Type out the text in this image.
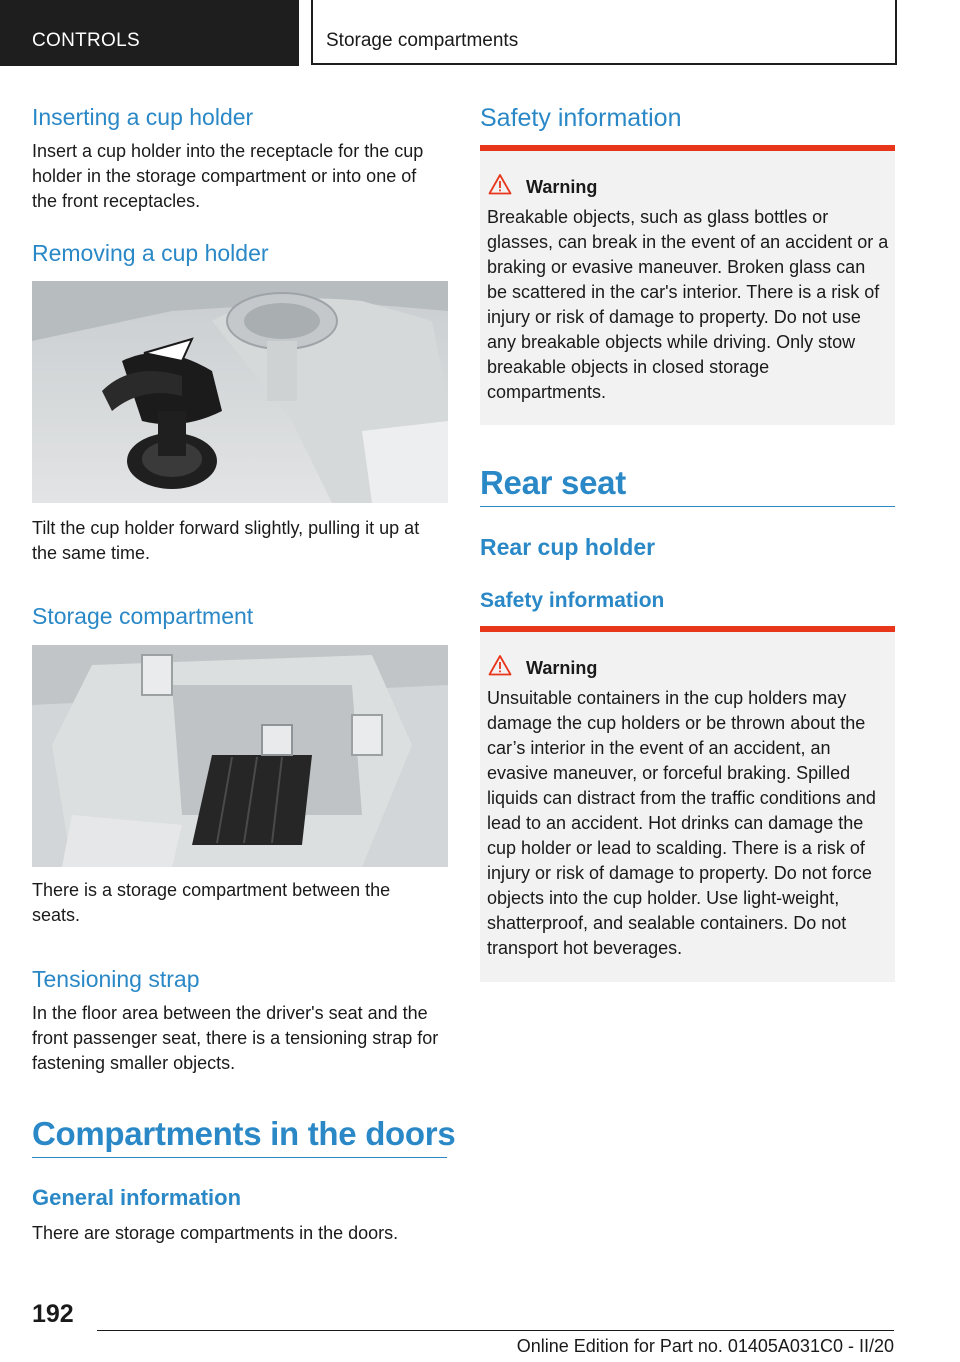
CONTROLS	Storage compartments
Inserting a cup holder

Insert a cup holder into the receptacle for the cup holder in the storage compartment or into one of the front receptacles.

Removing a cup holder

Tilt the cup holder forward slightly, pulling it up at the same time.

Storage compartment

There is a storage compartment between the seats.

Tensioning strap

In the floor area between the driver's seat and the front passenger seat, there is a tensioning strap for fastening smaller objects.

Compartments in the doors
General information

There are storage compartments in the doors.

Safety information
Warning

Breakable objects, such as glass bottles or glasses, can break in the event of an accident or a braking or evasive maneuver. Broken glass can be scattered in the car's interior. There is a risk of injury or risk of damage to property. Do not use any breakable objects while driving. Only stow breakable objects in closed storage compartments.

Rear seat
Rear cup holder
Safety information
Warning

Unsuitable containers in the cup holders may damage the cup holders or be thrown about the car’s interior in the event of an accident, an evasive maneuver, or forceful braking. Spilled liquids can distract from the traffic conditions and lead to an accident. Hot drinks can damage the cup holder or lead to scalding. There is a risk of injury or risk of damage to property. Do not force objects into the cup holder. Use light-weight, shatterproof, and sealable containers. Do not transport hot beverages.

192
Online Edition for Part no. 01405A031C0 - II/20
